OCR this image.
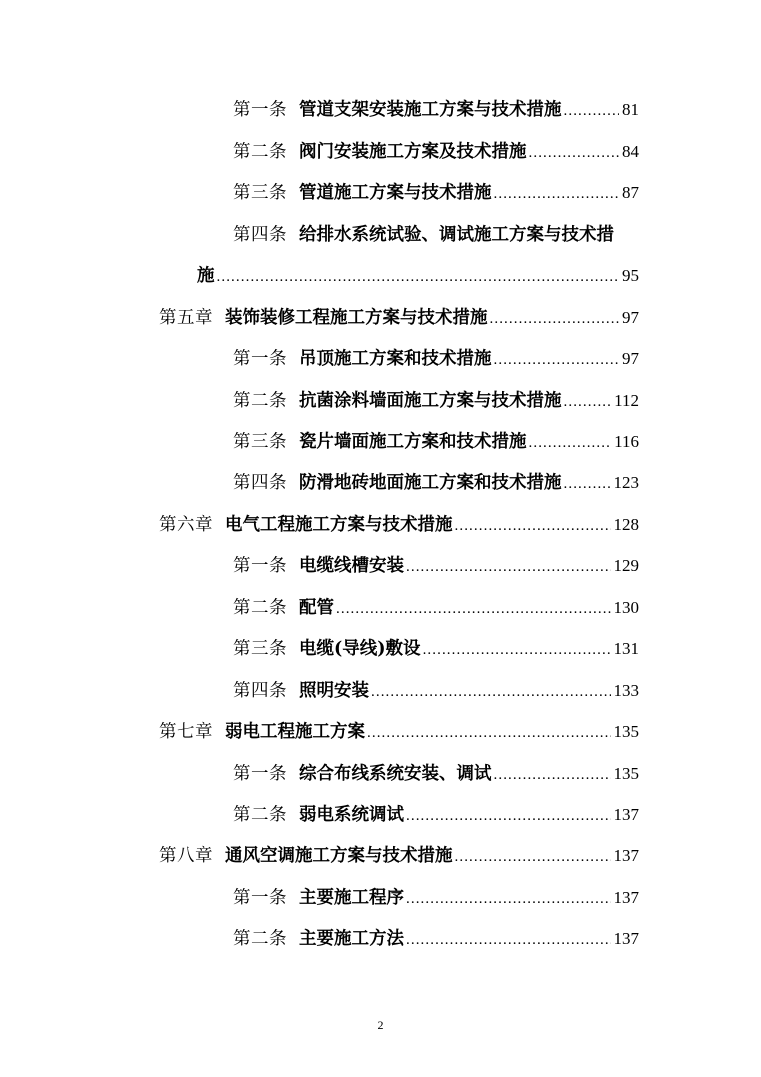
第一条 管道支架安装施工方案与技术措施 .....	81
第二条 阀门安装施工方案及技术措施 .....	84
第三条 管道施工方案与技术措施 .....	87
第四条 给排水系统试验、调试施工方案与技术措
施 .....	95
第五章 装饰装修工程施工方案与技术措施 .....	97
第一条 吊顶施工方案和技术措施 .....	97
第二条 抗菌涂料墙面施工方案与技术措施 .....	112
第三条 瓷片墙面施工方案和技术措施 .....	116
第四条 防滑地砖地面施工方案和技术措施 .....	123
第六章 电气工程施工方案与技术措施 .....	128
第一条 电缆线槽安装 .....	129
第二条 配管 .....	130
第三条 电缆(导线)敷设 .....	131
第四条 照明安装 .....	133
第七章 弱电工程施工方案 .....	135
第一条 综合布线系统安装、调试 .....	135
第二条 弱电系统调试 .....	137
第八章 通风空调施工方案与技术措施 .....	137
第一条 主要施工程序 .....	137
第二条 主要施工方法 .....	137
2
